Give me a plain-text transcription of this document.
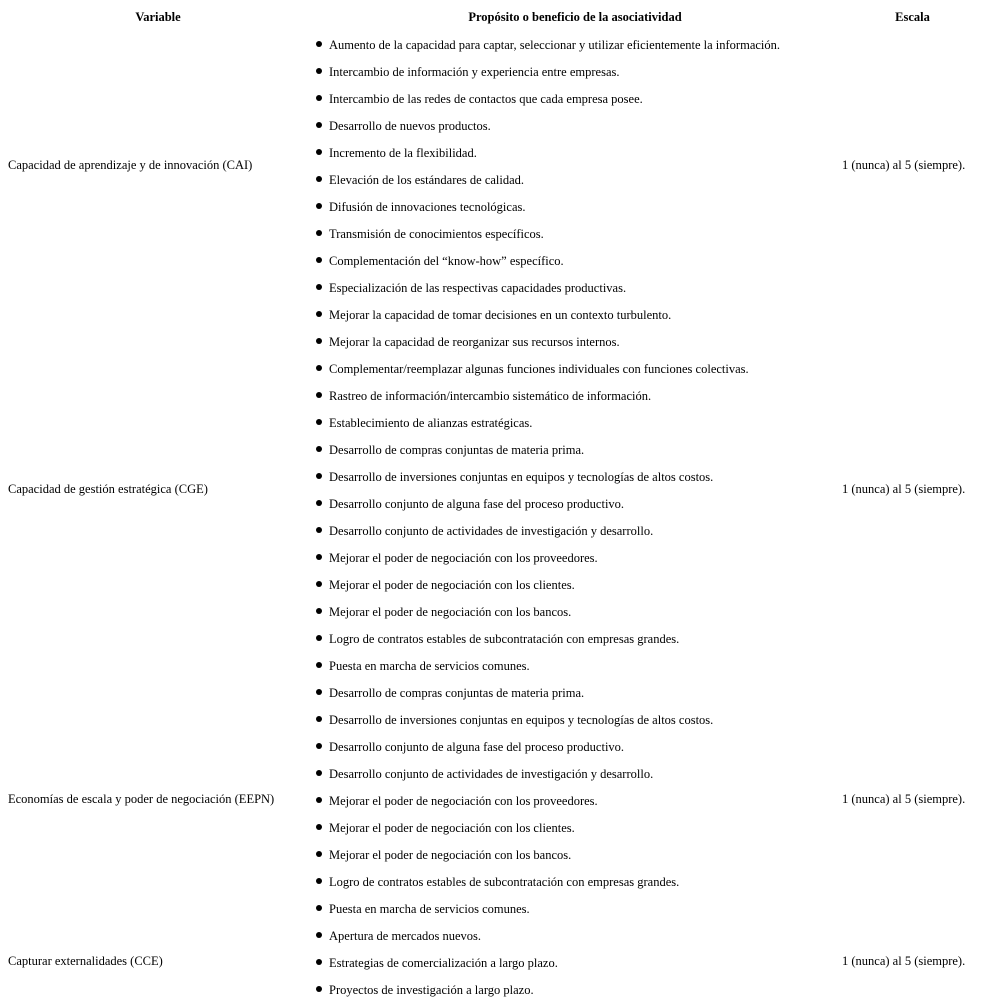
Variable	Propósito o beneficio de la asociatividad	Escala
Capacidad de aprendizaje y de innovación (CAI)
Aumento de la capacidad para captar, seleccionar y utilizar eficientemente la información.
Intercambio de información y experiencia entre empresas.
Intercambio de las redes de contactos que cada empresa posee.
Desarrollo de nuevos productos.
Incremento de la flexibilidad.
Elevación de los estándares de calidad.
Difusión de innovaciones tecnológicas.
Transmisión de conocimientos específicos.
Complementación del “know-how” específico.
Especialización de las respectivas capacidades productivas.
1 (nunca) al 5 (siempre).
Capacidad de gestión estratégica (CGE)
Mejorar la capacidad de tomar decisiones en un contexto turbulento.
Mejorar la capacidad de reorganizar sus recursos internos.
Complementar/reemplazar algunas funciones individuales con funciones colectivas.
Rastreo de información/intercambio sistemático de información.
Establecimiento de alianzas estratégicas.
Desarrollo de compras conjuntas de materia prima.
Desarrollo de inversiones conjuntas en equipos y tecnologías de altos costos.
Desarrollo conjunto de alguna fase del proceso productivo.
Desarrollo conjunto de actividades de investigación y desarrollo.
Mejorar el poder de negociación con los proveedores.
Mejorar el poder de negociación con los clientes.
Mejorar el poder de negociación con los bancos.
Logro de contratos estables de subcontratación con empresas grandes.
Puesta en marcha de servicios comunes.
1 (nunca) al 5 (siempre).
Economías de escala y poder de negociación (EEPN)
Desarrollo de compras conjuntas de materia prima.
Desarrollo de inversiones conjuntas en equipos y tecnologías de altos costos.
Desarrollo conjunto de alguna fase del proceso productivo.
Desarrollo conjunto de actividades de investigación y desarrollo.
Mejorar el poder de negociación con los proveedores.
Mejorar el poder de negociación con los clientes.
Mejorar el poder de negociación con los bancos.
Logro de contratos estables de subcontratación con empresas grandes.
Puesta en marcha de servicios comunes.
1 (nunca) al 5 (siempre).
Capturar externalidades (CCE)
Apertura de mercados nuevos.
Estrategias de comercialización a largo plazo.
Proyectos de investigación a largo plazo.
1 (nunca) al 5 (siempre).
